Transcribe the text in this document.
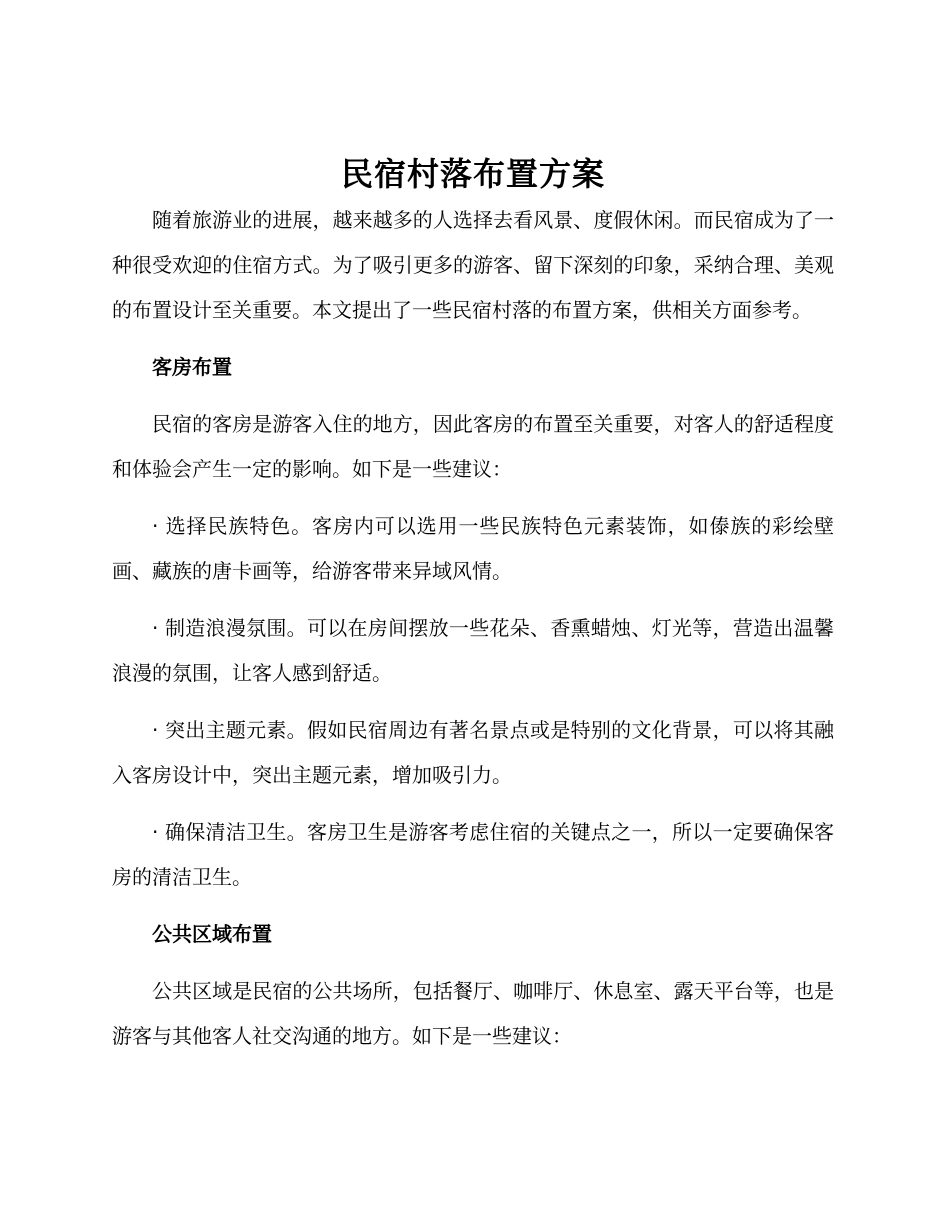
民宿村落布置方案

随着旅游业的进展，越来越多的人选择去看风景、度假休闲。而民宿成为了一种很受欢迎的住宿方式。为了吸引更多的游客、留下深刻的印象，采纳合理、美观的布置设计至关重要。本文提出了一些民宿村落的布置方案，供相关方面参考。

客房布置

民宿的客房是游客入住的地方，因此客房的布置至关重要，对客人的舒适程度和体验会产生一定的影响。如下是一些建议：

· 选择民族特色。客房内可以选用一些民族特色元素装饰，如傣族的彩绘壁画、藏族的唐卡画等，给游客带来异域风情。

· 制造浪漫氛围。可以在房间摆放一些花朵、香熏蜡烛、灯光等，营造出温馨浪漫的氛围，让客人感到舒适。

· 突出主题元素。假如民宿周边有著名景点或是特别的文化背景，可以将其融入客房设计中，突出主题元素，增加吸引力。

· 确保清洁卫生。客房卫生是游客考虑住宿的关键点之一，所以一定要确保客房的清洁卫生。

公共区域布置

公共区域是民宿的公共场所，包括餐厅、咖啡厅、休息室、露天平台等，也是游客与其他客人社交沟通的地方。如下是一些建议：
